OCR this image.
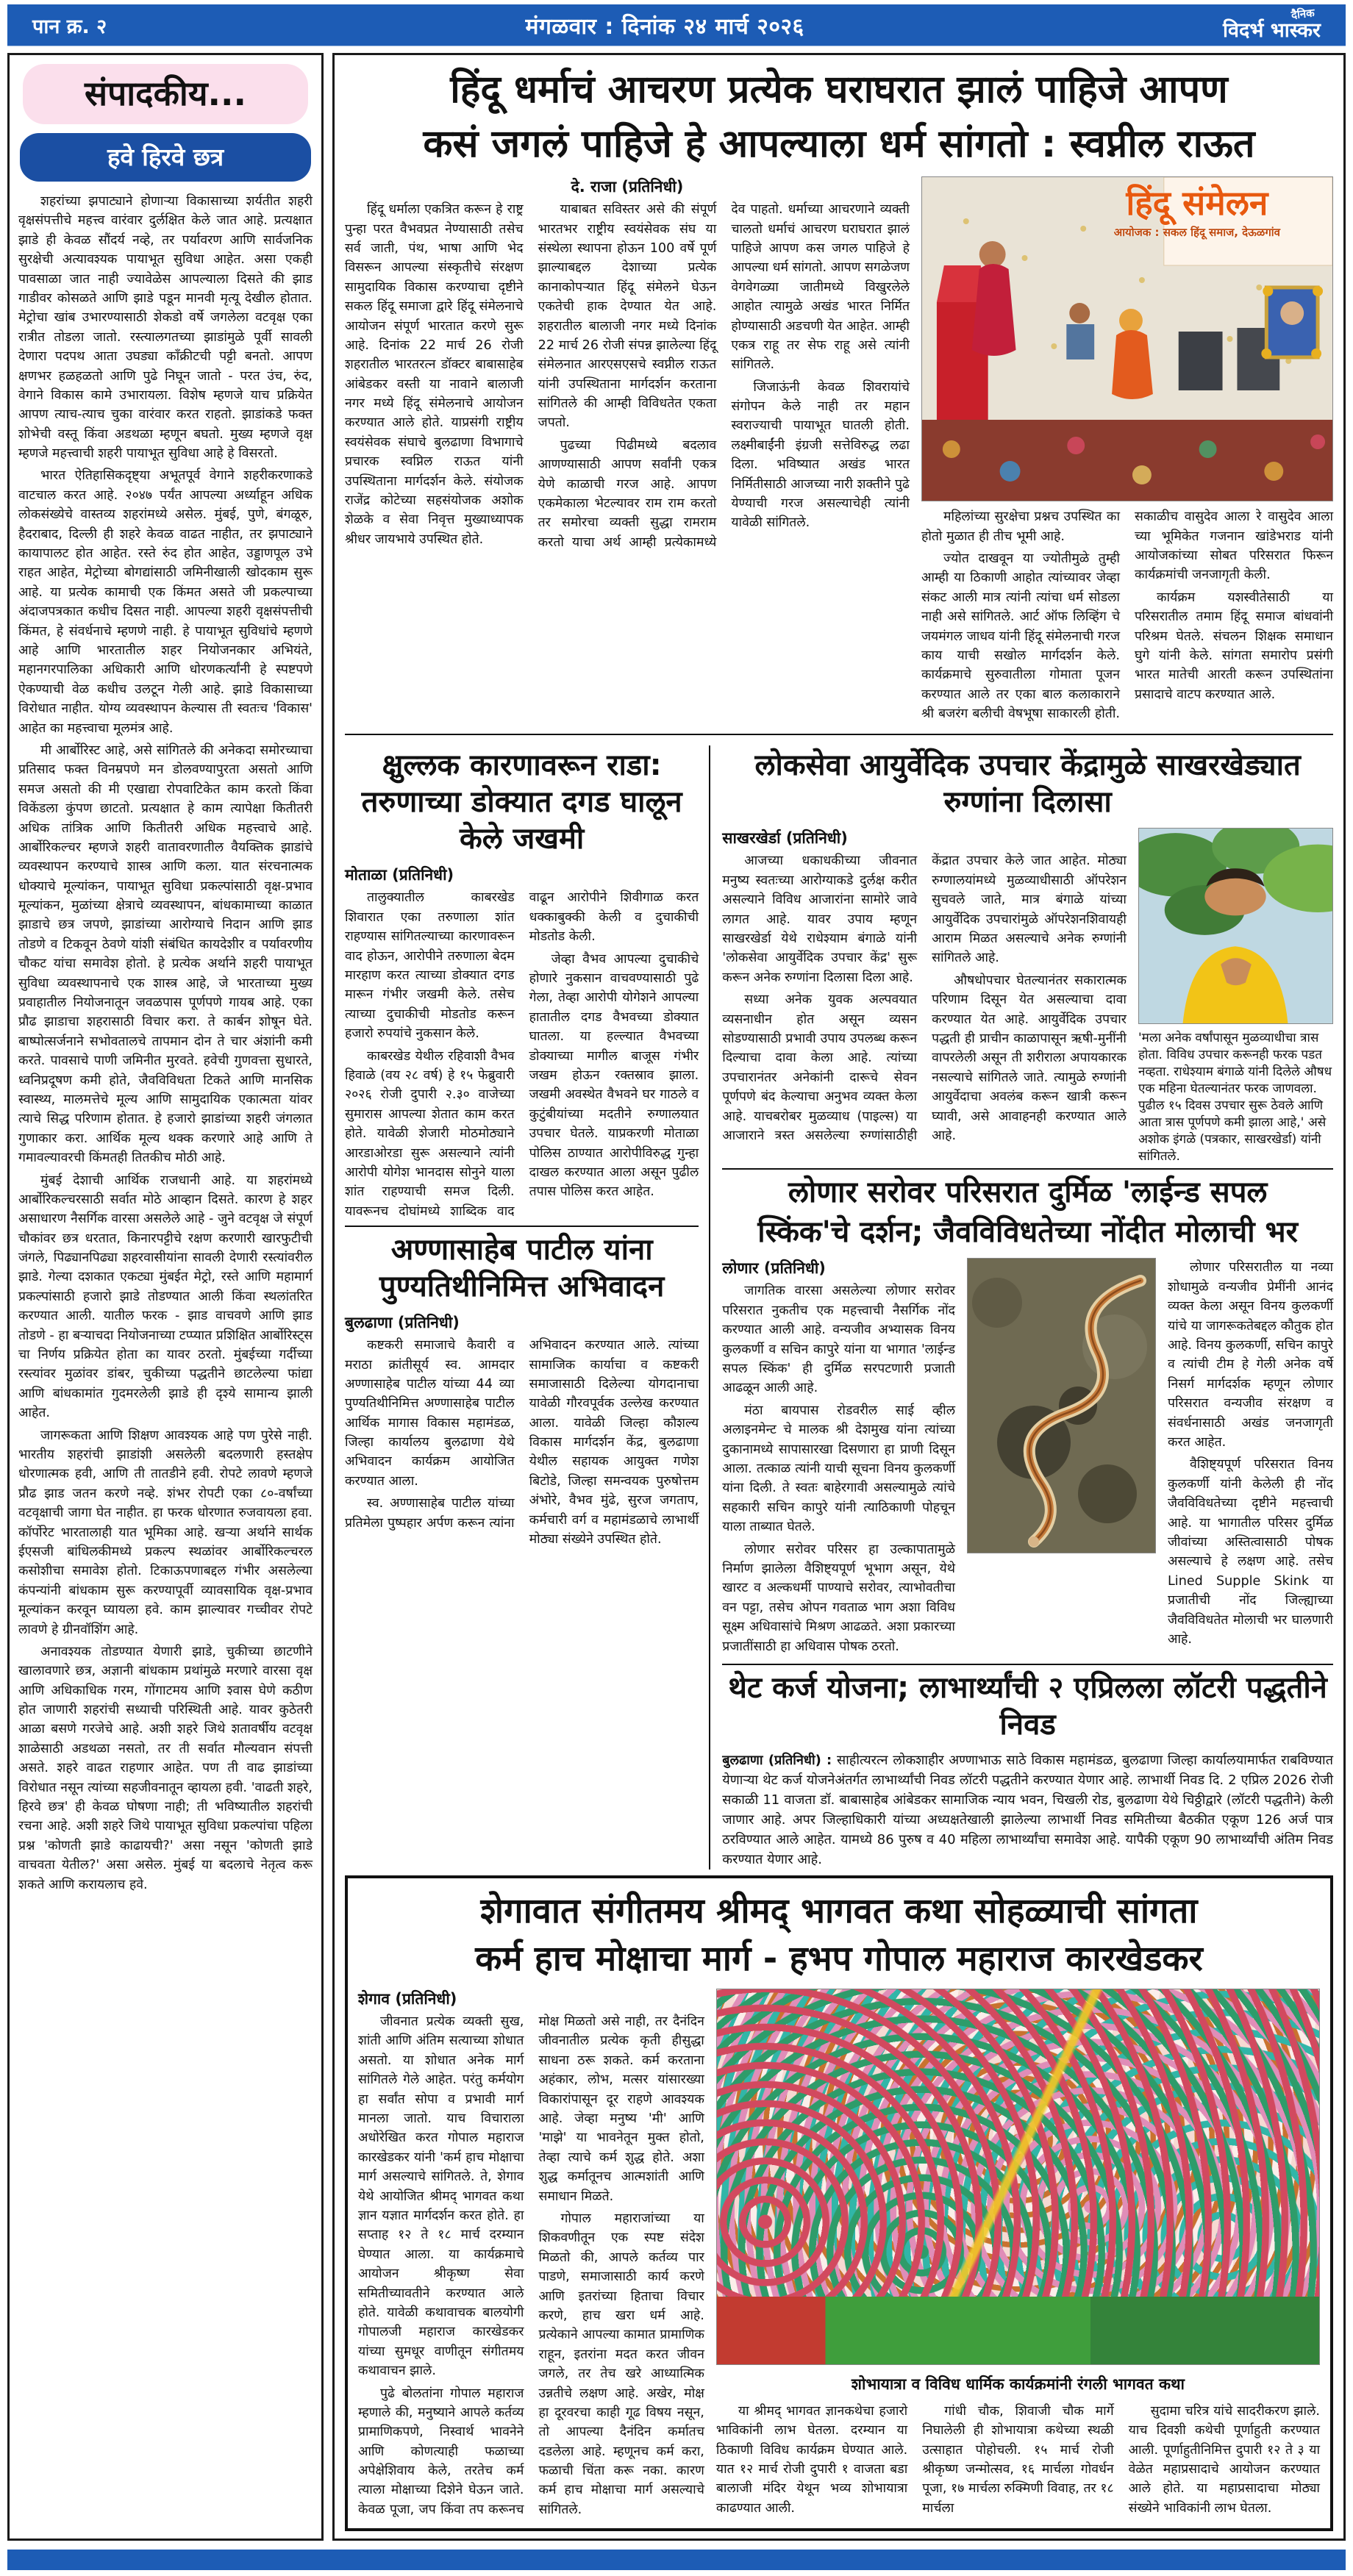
पान क्र. २	मंगळवार : दिनांक २४ मार्च २०२६	दैनिक
विदर्भ भास्कर
संपादकीय...
हवे हिरवे छत्र

शहरांच्या झपाट्याने होणाऱ्या विकासाच्या शर्यतीत शहरी वृक्षसंपत्तीचे महत्त्व वारंवार दुर्लक्षित केले जात आहे. प्रत्यक्षात झाडे ही केवळ सौंदर्य नव्हे, तर पर्यावरण आणि सार्वजनिक सुरक्षेची अत्यावश्यक पायाभूत सुविधा आहेत. असा एकही पावसाळा जात नाही ज्यावेळेस आपल्याला दिसते की झाड गाडीवर कोसळते आणि झाडे पडून मानवी मृत्यू देखील होतात. मेट्रोचा खांब उभारण्यासाठी शेकडो वर्षे जगलेला वटवृक्ष एका रात्रीत तोडला जातो. रस्त्यालगतच्या झाडांमुळे पूर्वी सावली देणारा पदपथ आता उघड्या काँक्रीटची पट्टी बनतो. आपण क्षणभर हळहळतो आणि पुढे निघून जातो - परत उंच, रुंद, वेगाने विकास कामे उभारायला. विशेष म्हणजे याच प्रक्रियेत आपण त्याच-त्याच चुका वारंवार करत राहतो. झाडांकडे फक्त शोभेची वस्तू किंवा अडथळा म्हणून बघतो. मुख्य म्हणजे वृक्ष म्हणजे महत्त्वाची शहरी पायाभूत सुविधा आहे हे विसरतो.

भारत ऐतिहासिकदृष्ट्या अभूतपूर्व वेगाने शहरीकरणाकडे वाटचाल करत आहे. २०४७ पर्यंत आपल्या अर्ध्याहून अधिक लोकसंख्येचे वास्तव्य शहरांमध्ये असेल. मुंबई, पुणे, बंगळूरु, हैदराबाद, दिल्ली ही शहरे केवळ वाढत नाहीत, तर झपाट्याने कायापालट होत आहेत. रस्ते रुंद होत आहेत, उड्डाणपूल उभे राहत आहेत, मेट्रोच्या बोगद्यांसाठी जमिनीखाली खोदकाम सुरू आहे. या प्रत्येक कामाची एक किंमत असते जी प्रकल्पाच्या अंदाजपत्रकात कधीच दिसत नाही. आपल्या शहरी वृक्षसंपत्तीची किंमत, हे संवर्धनाचे म्हणणे नाही. हे पायाभूत सुविधांचे म्हणणे आहे आणि भारतातील शहर नियोजनकार अभियंते, महानगरपालिका अधिकारी आणि धोरणकर्त्यांनी हे स्पष्टपणे ऐकण्याची वेळ कधीच उलटून गेली आहे. झाडे विकासाच्या विरोधात नाहीत. योग्य व्यवस्थापन केल्यास ती स्वतःच 'विकास' आहेत का महत्त्वाचा मूलमंत्र आहे.

मी आर्बोरिस्ट आहे, असे सांगितले की अनेकदा समोरच्याचा प्रतिसाद फक्त विनम्रपणे मन डोलवण्यापुरता असतो आणि समज असतो की मी एखाद्या रोपवाटिकेत काम करतो किंवा विकेंडला कुंपण छाटतो. प्रत्यक्षात हे काम त्यापेक्षा कितीतरी अधिक तांत्रिक आणि कितीतरी अधिक महत्त्वाचे आहे. आर्बोरिकल्चर म्हणजे शहरी वातावरणातील वैयक्तिक झाडांचे व्यवस्थापन करण्याचे शास्त्र आणि कला. यात संरचनात्मक धोक्याचे मूल्यांकन, पायाभूत सुविधा प्रकल्पांसाठी वृक्ष-प्रभाव मूल्यांकन, मुळांच्या क्षेत्राचे व्यवस्थापन, बांधकामाच्या काळात झाडाचे छत्र जपणे, झाडांच्या आरोग्याचे निदान आणि झाड तोडणे व टिकवून ठेवणे यांशी संबंधित कायदेशीर व पर्यावरणीय चौकट यांचा समावेश होतो. हे प्रत्येक अर्थाने शहरी पायाभूत सुविधा व्यवस्थापनाचे एक शास्त्र आहे, जे भारताच्या मुख्य प्रवाहातील नियोजनातून जवळपास पूर्णपणे गायब आहे. एका प्रौढ झाडाचा शहरासाठी विचार करा. ते कार्बन शोषून घेते. बाष्पोत्सर्जनाने सभोवतालचे तापमान दोन ते चार अंशांनी कमी करते. पावसाचे पाणी जमिनीत मुरवते. हवेची गुणवत्ता सुधारते, ध्वनिप्रदूषण कमी होते, जैवविविधता टिकते आणि मानसिक स्वास्थ्य, मालमत्तेचे मूल्य आणि सामुदायिक एकात्मता यांवर त्याचे सिद्ध परिणाम होतात. हे हजारो झाडांच्या शहरी जंगलात गुणाकार करा. आर्थिक मूल्य थक्क करणारे आहे आणि ते गमावल्यावरची किंमतही तितकीच मोठी आहे.

मुंबई देशाची आर्थिक राजधानी आहे. या शहरांमध्ये आर्बोरिकल्चरसाठी सर्वात मोठे आव्हान दिसते. कारण हे शहर असाधारण नैसर्गिक वारसा असलेले आहे - जुने वटवृक्ष जे संपूर्ण चौकांवर छत्र धरतात, किनारपट्टीचे रक्षण करणारी खारफुटीची जंगले, पिढ्यानपिढ्या शहरवासीयांना सावली देणारी रस्त्यांवरील झाडे. गेल्या दशकात एकट्या मुंबईत मेट्रो, रस्ते आणि महामार्ग प्रकल्पांसाठी हजारो झाडे तोडण्यात आली किंवा स्थलांतरित करण्यात आली. यातील फरक - झाड वाचवणे आणि झाड तोडणे - हा बऱ्याचदा नियोजनाच्या टप्प्यात प्रशिक्षित आर्बोरिस्ट्स चा निर्णय प्रक्रियेत होता का यावर ठरतो. मुंबईच्या गर्दीच्या रस्त्यांवर मुळांवर डांबर, चुकीच्या पद्धतीने छाटलेल्या फांद्या आणि बांधकामांत गुदमरलेली झाडे ही दृश्ये सामान्य झाली आहेत.

जागरूकता आणि शिक्षण आवश्यक आहे पण पुरेसे नाही. भारतीय शहरांची झाडांशी असलेली बदलणारी हस्तक्षेप धोरणात्मक हवी, आणि ती तातडीने हवी. रोपटे लावणे म्हणजे प्रौढ झाड जतन करणे नव्हे. शंभर रोपटी एका ८०-वर्षांच्या वटवृक्षाची जागा घेत नाहीत. हा फरक धोरणात रुजवायला हवा. कॉर्पोरेट भारतालाही यात भूमिका आहे. खऱ्या अर्थाने सार्थक ईएसजी बांधिलकीमध्ये प्रकल्प स्थळांवर आर्बोरिकल्चरल कसोशीचा समावेश होतो. टिकाऊपणाबद्दल गंभीर असलेल्या कंपन्यांनी बांधकाम सुरू करण्यापूर्वी व्यावसायिक वृक्ष-प्रभाव मूल्यांकन करवून घ्यायला हवे. काम झाल्यावर गच्चीवर रोपटे लावणे हे ग्रीनवॉशिंग आहे.

अनावश्यक तोडण्यात येणारी झाडे, चुकीच्या छाटणीने खालावणारे छत्र, अज्ञानी बांधकाम प्रथांमुळे मरणारे वारसा वृक्ष आणि अधिकाधिक गरम, गोंगाटमय आणि श्वास घेणे कठीण होत जाणारी शहरांची सध्याची परिस्थिती आहे. यावर कुठेतरी आळा बसणे गरजेचे आहे. अशी शहरे जिथे शतावर्षीय वटवृक्ष शाळेसाठी अडथळा नसतो, तर ती सर्वात मौल्यवान संपत्ती असते. शहरे वाढत राहणार आहेत. पण ती वाढ झाडांच्या विरोधात नसून त्यांच्या सहजीवनातून व्हायला हवी. 'वाढती शहरे, हिरवे छत्र' ही केवळ घोषणा नाही; ती भविष्यातील शहरांची रचना आहे. अशी शहरे जिथे पायाभूत सुविधा प्रकल्पांचा पहिला प्रश्न 'कोणती झाडे काढायची?' असा नसून 'कोणती झाडे वाचवता येतील?' असा असेल. मुंबई या बदलाचे नेतृत्व करू शकते आणि करायलाच हवे.

हिंदू धर्माचं आचरण प्रत्येक घराघरात झालं पाहिजे आपण
कसं जगलं पाहिजे हे आपल्याला धर्म सांगतो : स्वप्नील राऊत

दे. राजा (प्रतिनिधी)

हिंदू धर्माला एकत्रित करून हे राष्ट्र पुन्हा परत वैभवप्रत नेण्यासाठी तसेच सर्व जाती, पंथ, भाषा आणि भेद विसरून आपल्या संस्कृतीचे संरक्षण सामुदायिक विकास करण्याचा दृष्टीने सकल हिंदू समाजा द्वारे हिंदू संमेलनाचे आयोजन संपूर्ण भारतात करणे सुरू आहे. दिनांक 22 मार्च 26 रोजी शहरातील भारतरत्न डॉक्टर बाबासाहेब आंबेडकर वस्ती या नावाने बालाजी नगर मध्ये हिंदू संमेलनाचे आयोजन करण्यात आले होते. याप्रसंगी राष्ट्रीय स्वयंसेवक संघाचे बुलढाणा विभागाचे प्रचारक स्वप्निल राऊत यांनी उपस्थिताना मार्गदर्शन केले. संयोजक राजेंद्र कोटेच्या सहसंयोजक अशोक शेळके व सेवा निवृत्त मुख्याध्यापक श्रीधर जायभाये उपस्थित होते.

याबाबत सविस्तर असे की संपूर्ण भारतभर राष्ट्रीय स्वयंसेवक संघ या संस्थेला स्थापना होऊन 100 वर्षे पूर्ण झाल्याबद्दल देशाच्या प्रत्येक कानाकोपऱ्यात हिंदू संमेलने घेऊन एकतेची हाक देण्यात येत आहे. शहरातील बालाजी नगर मध्ये दिनांक 22 मार्च 26 रोजी संपन्न झालेल्या हिंदू संमेलनात आरएसएसचे स्वप्नील राऊत यांनी उपस्थिताना मार्गदर्शन करताना सांगितले की आम्ही विविधतेत एकता जपतो.

पुढच्या पिढीमध्ये बदलाव आणण्यासाठी आपण सर्वांनी एकत्र येणे काळाची गरज आहे. आपण एकमेकाला भेटल्यावर राम राम करतो तर समोरचा व्यक्ती सुद्धा रामराम करतो याचा अर्थ आम्ही प्रत्येकामध्ये देव पाहतो. धर्माच्या आचरणाने व्यक्ती चालतो धर्माचं आचरण घराघरात झालं पाहिजे आपण कस जगल पाहिजे हे आपल्या धर्म सांगतो. आपण सगळेजण वेगवेगळ्या जातीमध्ये विखुरलेले आहोत त्यामुळे अखंड भारत निर्मित होण्यासाठी अडचणी येत आहेत. आम्ही एकत्र राहू तर सेफ राहू असे त्यांनी सांगितले.

जिजाऊंनी केवळ शिवरायांचे संगोपन केले नाही तर महान स्वराज्याची पायाभूत घातली होती. लक्ष्मीबाईंनी इंग्रजी सत्तेविरुद्ध लढा दिला. भविष्यात अखंड भारत निर्मितीसाठी आजच्या नारी शक्तीने पुढे येण्याची गरज असल्याचेही त्यांनी यावेळी सांगितले.

हिंदू संमेलन
आयोजक : सकल हिंदू समाज, देऊळगांव

महिलांच्या सुरक्षेचा प्रश्नच उपस्थित का होतो मुळात ही तीच भूमी आहे.

ज्योत दाखवून या ज्योतीमुळे तुम्ही आम्ही या ठिकाणी आहोत त्यांच्यावर जेव्हा संकट आली मात्र त्यांनी त्यांचा धर्म सोडला नाही असे सांगितले. आर्ट ऑफ लिव्हिंग चे जयमंगल जाधव यांनी हिंदू संमेलनाची गरज काय याची सखोल मार्गदर्शन केले. कार्यक्रमाचे सुरुवातीला गोमाता पूजन करण्यात आले तर एका बाल कलाकाराने श्री बजरंग बलीची वेषभूषा साकारली होती. सकाळीच वासुदेव आला रे वासुदेव आला च्या भूमिकेत गजनान खांडेभराड यांनी आयोजकांच्या सोबत परिसरात फिरून कार्यक्रमांची जनजागृती केली.

कार्यक्रम यशस्वीतेसाठी या परिसरातील तमाम हिंदू समाज बांधवांनी परिश्रम घेतले. संचलन शिक्षक समाधान घुगे यांनी केले. सांगता समारोप प्रसंगी भारत मातेची आरती करून उपस्थितांना प्रसादाचे वाटप करण्यात आले.

क्षुल्लक कारणावरून राडा: तरुणाच्या डोक्यात दगड घालून केले जखमी

मोताळा (प्रतिनिधी)

तालुक्यातील काबरखेड शिवारात एका तरुणाला शांत राहण्यास सांगितल्याच्या कारणावरून वाद होऊन, आरोपीने तरुणाला बेदम मारहाण करत त्याच्या डोक्यात दगड मारून गंभीर जखमी केले. तसेच त्याच्या दुचाकीची मोडतोड करून हजारो रुपयांचे नुकसान केले.

काबरखेड येथील रहिवाशी वैभव हिवाळे (वय २८ वर्ष) हे १५ फेब्रुवारी २०२६ रोजी दुपारी २.३० वाजेच्या सुमारास आपल्या शेतात काम करत होते. यावेळी शेजारी मोठमोठ्याने आरडाओरडा सुरू असल्याने त्यांनी आरोपी योगेश भानदास सोनुने याला शांत राहण्याची समज दिली. यावरूनच दोघांमध्ये शाब्दिक वाद वाढून आरोपीने शिवीगाळ करत धक्काबुक्की केली व दुचाकीची मोडतोड केली.

जेव्हा वैभव आपल्या दुचाकीचे होणारे नुकसान वाचवण्यासाठी पुढे गेला, तेव्हा आरोपी योगेशने आपल्या हातातील दगड वैभवच्या डोक्यात घातला. या हल्ल्यात वैभवच्या डोक्याच्या मागील बाजूस गंभीर जखम होऊन रक्तस्राव झाला. जखमी अवस्थेत वैभवने घर गाठले व कुटुंबीयांच्या मदतीने रुग्णालयात उपचार घेतले. याप्रकरणी मोताळा पोलिस ठाण्यात आरोपीविरुद्ध गुन्हा दाखल करण्यात आला असून पुढील तपास पोलिस करत आहेत.

अण्णासाहेब पाटील यांना पुण्यतिथीनिमित्त अभिवादन

बुलढाणा (प्रतिनिधी)

कष्टकरी समाजाचे कैवारी व मराठा क्रांतीसूर्य स्व. आमदार अण्णासाहेब पाटील यांच्या 44 व्या पुण्यतिथीनिमित्त अण्णासाहेब पाटील आर्थिक मागास विकास महामंडळ, जिल्हा कार्यालय बुलढाणा येथे अभिवादन कार्यक्रम आयोजित करण्यात आला.

स्व. अण्णासाहेब पाटील यांच्या प्रतिमेला पुष्पहार अर्पण करून त्यांना अभिवादन करण्यात आले. त्यांच्या सामाजिक कार्याचा व कष्टकरी समाजासाठी दिलेल्या योगदानाचा यावेळी गौरवपूर्वक उल्लेख करण्यात आला. यावेळी जिल्हा कौशल्य विकास मार्गदर्शन केंद्र, बुलढाणा येथील सहायक आयुक्त गणेश बिटोडे, जिल्हा समन्वयक पुरुषोत्तम अंभोरे, वैभव मुंढे, सुरज जगताप, कर्मचारी वर्ग व महामंडळाचे लाभार्थी मोठ्या संख्येने उपस्थित होते.

लोकसेवा आयुर्वेदिक उपचार केंद्रामुळे साखरखेड्यात रुग्णांना दिलासा

साखरखेर्डा (प्रतिनिधी)

आजच्या धकाधकीच्या जीवनात मनुष्य स्वतःच्या आरोग्याकडे दुर्लक्ष करीत असल्याने विविध आजारांना सामोरे जावे लागत आहे. यावर उपाय म्हणून साखरखेर्डा येथे राधेश्याम बंगाळे यांनी 'लोकसेवा आयुर्वेदिक उपचार केंद्र' सुरू करून अनेक रुग्णांना दिलासा दिला आहे.

सध्या अनेक युवक अल्पवयात व्यसनाधीन होत असून व्यसन सोडण्यासाठी प्रभावी उपाय उपलब्ध करून दिल्याचा दावा केला आहे. त्यांच्या उपचारानंतर अनेकांनी दारूचे सेवन पूर्णपणे बंद केल्याचा अनुभव व्यक्त केला आहे. याचबरोबर मुळव्याध (पाइल्स) या आजाराने त्रस्त असलेल्या रुग्णांसाठीही केंद्रात उपचार केले जात आहेत. मोठ्या रुग्णालयांमध्ये मुळव्याधीसाठी ऑपरेशन सुचवले जाते, मात्र बंगाळे यांच्या आयुर्वेदिक उपचारांमुळे ऑपरेशनशिवायही आराम मिळत असल्याचे अनेक रुग्णांनी सांगितले आहे.

औषधोपचार घेतल्यानंतर सकारात्मक परिणाम दिसून येत असल्याचा दावा करण्यात येत आहे. आयुर्वेदिक उपचार पद्धती ही प्राचीन काळापासून ऋषी-मुनींनी वापरलेली असून ती शरीराला अपायकारक नसल्याचे सांगितले जाते. त्यामुळे रुग्णांनी आयुर्वेदाचा अवलंब करून खात्री करून घ्यावी, असे आवाहनही करण्यात आले आहे.

'मला अनेक वर्षांपासून मुळव्याधीचा त्रास होता. विविध उपचार करूनही फरक पडत नव्हता. राधेश्याम बंगाळे यांनी दिलेले औषध एक महिना घेतल्यानंतर फरक जाणवला. पुढील १५ दिवस उपचार सुरू ठेवले आणि आता त्रास पूर्णपणे कमी झाला आहे,' असे अशोक इंगळे (पत्रकार, साखरखेर्डा) यांनी सांगितले.

लोणार सरोवर परिसरात दुर्मिळ 'लाईन्ड सपल
स्किंक'चे दर्शन; जैवविविधतेच्या नोंदीत मोलाची भर

लोणार (प्रतिनिधी)

जागतिक वारसा असलेल्या लोणार सरोवर परिसरात नुकतीच एक महत्त्वाची नैसर्गिक नोंद करण्यात आली आहे. वन्यजीव अभ्यासक विनय कुलकर्णी व सचिन कापुरे यांना या भागात 'लाईन्ड सपल स्किंक' ही दुर्मिळ सरपटणारी प्रजाती आढळून आली आहे.

मंठा बायपास रोडवरील साई व्हील अलाइनमेन्ट चे मालक श्री देशमुख यांना त्यांच्या दुकानामध्ये सापासारखा दिसणारा हा प्राणी दिसून आला. तत्काळ त्यांनी याची सूचना विनय कुलकर्णी यांना दिली. ते स्वतः बाहेरगावी असल्यामुळे त्यांचे सहकारी सचिन कापुरे यांनी त्याठिकाणी पोहचून याला ताब्यात घेतले.

लोणार सरोवर परिसर हा उल्कापातामुळे निर्माण झालेला वैशिष्ट्यपूर्ण भूभाग असून, येथे खारट व अल्कधर्मी पाण्याचे सरोवर, त्याभोवतीचा वन पट्टा, तसेच ओपन गवताळ भाग अशा विविध सूक्ष्म अधिवासांचे मिश्रण आढळते. अशा प्रकारच्या प्रजातींसाठी हा अधिवास पोषक ठरतो.

लोणार परिसरातील या नव्या शोधामुळे वन्यजीव प्रेमींनी आनंद व्यक्त केला असून विनय कुलकर्णी यांचे या जागरूकतेबद्दल कौतुक होत आहे. विनय कुलकर्णी, सचिन कापुरे व त्यांची टीम हे गेली अनेक वर्षे निसर्ग मार्गदर्शक म्हणून लोणार परिसरात वन्यजीव संरक्षण व संवर्धनासाठी अखंड जनजागृती करत आहेत.

वैशिष्ट्यपूर्ण परिसरात विनय कुलकर्णी यांनी केलेली ही नोंद जैवविविधतेच्या दृष्टीने महत्त्वाची आहे. या भागातील परिसर दुर्मिळ जीवांच्या अस्तित्वासाठी पोषक असल्याचे हे लक्षण आहे. तसेच Lined Supple Skink या प्रजातीची नोंद जिल्ह्याच्या जैवविविधतेत मोलाची भर घालणारी आहे.

थेट कर्ज योजना; लाभार्थ्यांची २ एप्रिलला लॉटरी पद्धतीने निवड

बुलढाणा (प्रतिनिधी) : साहीत्यरत्न लोकशाहीर अण्णाभाऊ साठे विकास महामंडळ, बुलढाणा जिल्हा कार्यालयामार्फत राबविण्यात येणाऱ्या थेट कर्ज योजनेअंतर्गत लाभार्थ्यांची निवड लॉटरी पद्धतीने करण्यात येणार आहे. लाभार्थी निवड दि. 2 एप्रिल 2026 रोजी सकाळी 11 वाजता डॉ. बाबासाहेब आंबेडकर सामाजिक न्याय भवन, चिखली रोड, बुलढाणा येथे चिठ्ठीद्वारे (लॉटरी पद्धतीने) केली जाणार आहे. अपर जिल्हाधिकारी यांच्या अध्यक्षतेखाली झालेल्या लाभार्थी निवड समितीच्या बैठकीत एकूण 126 अर्ज पात्र ठरविण्यात आले आहेत. यामध्ये 86 पुरुष व 40 महिला लाभार्थ्यांचा समावेश आहे. यापैकी एकूण 90 लाभार्थ्यांची अंतिम निवड करण्यात येणार आहे.

शेगावात संगीतमय श्रीमद् भागवत कथा सोहळ्याची सांगता
कर्म हाच मोक्षाचा मार्ग - हभप गोपाल महाराज कारखेडकर

शेगाव (प्रतिनिधी)

जीवनात प्रत्येक व्यक्ती सुख, शांती आणि अंतिम सत्याच्या शोधात असतो. या शोधात अनेक मार्ग सांगितले गेले आहेत. परंतु कर्मयोग हा सर्वांत सोपा व प्रभावी मार्ग मानला जातो. याच विचाराला अधोरेखित करत गोपाल महाराज कारखेडकर यांनी 'कर्म हाच मोक्षाचा मार्ग असल्याचे सांगितले. ते, शेगाव येथे आयोजित श्रीमद् भागवत कथा ज्ञान यज्ञात मार्गदर्शन करत होते. हा सप्ताह १२ ते १८ मार्च दरम्यान घेण्यात आला. या कार्यक्रमाचे आयोजन श्रीकृष्ण सेवा समितीच्यावतीने करण्यात आले होते. यावेळी कथावाचक बालयोगी गोपालजी महाराज कारखेडकर यांच्या सुमधूर वाणीतून संगीतमय कथावाचन झाले.

पुढे बोलतांना गोपाल महाराज म्हणाले की, मनुष्याने आपले कर्तव्य प्रामाणिकपणे, निस्वार्थ भावनेने आणि कोणत्याही फळाच्या अपेक्षेशिवाय केले, तरतेच कर्म त्याला मोक्षाच्या दिशेने घेऊन जाते. केवळ पूजा, जप किंवा तप करूनच मोक्ष मिळतो असे नाही, तर दैनंदिन जीवनातील प्रत्येक कृती हीसुद्धा साधना ठरू शकते. कर्म करताना अहंकार, लोभ, मत्सर यांसारख्या विकारांपासून दूर राहणे आवश्यक आहे. जेव्हा मनुष्य 'मी' आणि 'माझे' या भावनेतून मुक्त होतो, तेव्हा त्याचे कर्म शुद्ध होते. अशा शुद्ध कर्मातूनच आत्मशांती आणि समाधान मिळते.

गोपाल महाराजांच्या या शिकवणीतून एक स्पष्ट संदेश मिळतो की, आपले कर्तव्य पार पाडणे, समाजासाठी कार्य करणे आणि इतरांच्या हिताचा विचार करणे, हाच खरा धर्म आहे. प्रत्येकाने आपल्या कामात प्रामाणिक राहून, इतरांना मदत करत जीवन जगले, तर तेच खरे आध्यात्मिक उन्नतीचे लक्षण आहे. अखेर, मोक्ष हा दूरवरचा काही गूढ विषय नसून, तो आपल्या दैनंदिन कर्मातच दडलेला आहे. म्हणूनच कर्म करा, फळाची चिंता करू नका. कारण कर्म हाच मोक्षाचा मार्ग असल्याचे सांगितले.

शोभायात्रा व विविध धार्मिक कार्यक्रमांनी रंगली भागवत कथा

या श्रीमद् भागवत ज्ञानकथेचा हजारो भाविकांनी लाभ घेतला. दरम्यान या ठिकाणी विविध कार्यक्रम घेण्यात आले. यात १२ मार्च रोजी दुपारी १ वाजता बडा बालाजी मंदिर येथून भव्य शोभायात्रा काढण्यात आली.

गांधी चौक, शिवाजी चौक मार्गे निघालेली ही शोभायात्रा कथेच्या स्थळी उत्साहात पोहोचली. १५ मार्च रोजी श्रीकृष्ण जन्मोत्सव, १६ मार्चला गोवर्धन पूजा, १७ मार्चला रुक्मिणी विवाह, तर १८ मार्चला

सुदामा चरित्र यांचे सादरीकरण झाले. याच दिवशी कथेची पूर्णाहुती करण्यात आली. पूर्णाहुतीनिमित्त दुपारी १२ ते ३ या वेळेत महाप्रसादाचे आयोजन करण्यात आले होते. या महाप्रसादाचा मोठ्या संख्येने भाविकांनी लाभ घेतला.
